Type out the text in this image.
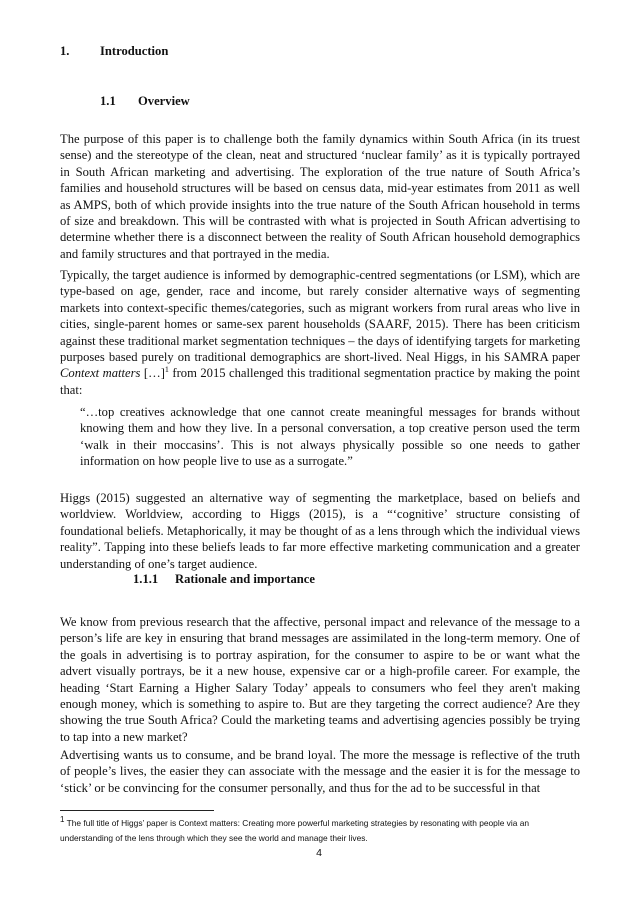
1. Introduction
1.1 Overview

The purpose of this paper is to challenge both the family dynamics within South Africa (in its truest sense) and the stereotype of the clean, neat and structured ‘nuclear family’ as it is typically portrayed in South African marketing and advertising. The exploration of the true nature of South Africa’s families and household structures will be based on census data, mid-year estimates from 2011 as well as AMPS, both of which provide insights into the true nature of the South African household in terms of size and breakdown. This will be contrasted with what is projected in South African advertising to determine whether there is a disconnect between the reality of South African household demographics and family structures and that portrayed in the media.

Typically, the target audience is informed by demographic-centred segmentations (or LSM), which are type-based on age, gender, race and income, but rarely consider alternative ways of segmenting markets into context-specific themes/categories, such as migrant workers from rural areas who live in cities, single-parent homes or same-sex parent households (SAARF, 2015). There has been criticism against these traditional market segmentation techniques – the days of identifying targets for marketing purposes based purely on traditional demographics are short-lived. Neal Higgs, in his SAMRA paper Context matters […]$^1$ from 2015 challenged this traditional segmentation practice by making the point that:

“…top creatives acknowledge that one cannot create meaningful messages for brands without knowing them and how they live. In a personal conversation, a top creative person used the term ‘walk in their moccasins’. This is not always physically possible so one needs to gather information on how people live to use as a surrogate.”

Higgs (2015) suggested an alternative way of segmenting the marketplace, based on beliefs and worldview. Worldview, according to Higgs (2015), is a “‘cognitive’ structure consisting of foundational beliefs. Metaphorically, it may be thought of as a lens through which the individual views reality”. Tapping into these beliefs leads to far more effective marketing communication and a greater understanding of one’s target audience.

1.1.1 Rationale and importance

We know from previous research that the affective, personal impact and relevance of the message to a person’s life are key in ensuring that brand messages are assimilated in the long-term memory. One of the goals in advertising is to portray aspiration, for the consumer to aspire to be or want what the advert visually portrays, be it a new house, expensive car or a high-profile career. For example, the heading ‘Start Earning a Higher Salary Today’ appeals to consumers who feel they aren't making enough money, which is something to aspire to. But are they targeting the correct audience? Are they showing the true South Africa? Could the marketing teams and advertising agencies possibly be trying to tap into a new market?

Advertising wants us to consume, and be brand loyal. The more the message is reflective of the truth of people’s lives, the easier they can associate with the message and the easier it is for the message to ‘stick’ or be convincing for the consumer personally, and thus for the ad to be successful in that

$^1$ The full title of Higgs’ paper is Context matters: Creating more powerful marketing strategies by resonating with people via an understanding of the lens through which they see the world and manage their lives.

4
